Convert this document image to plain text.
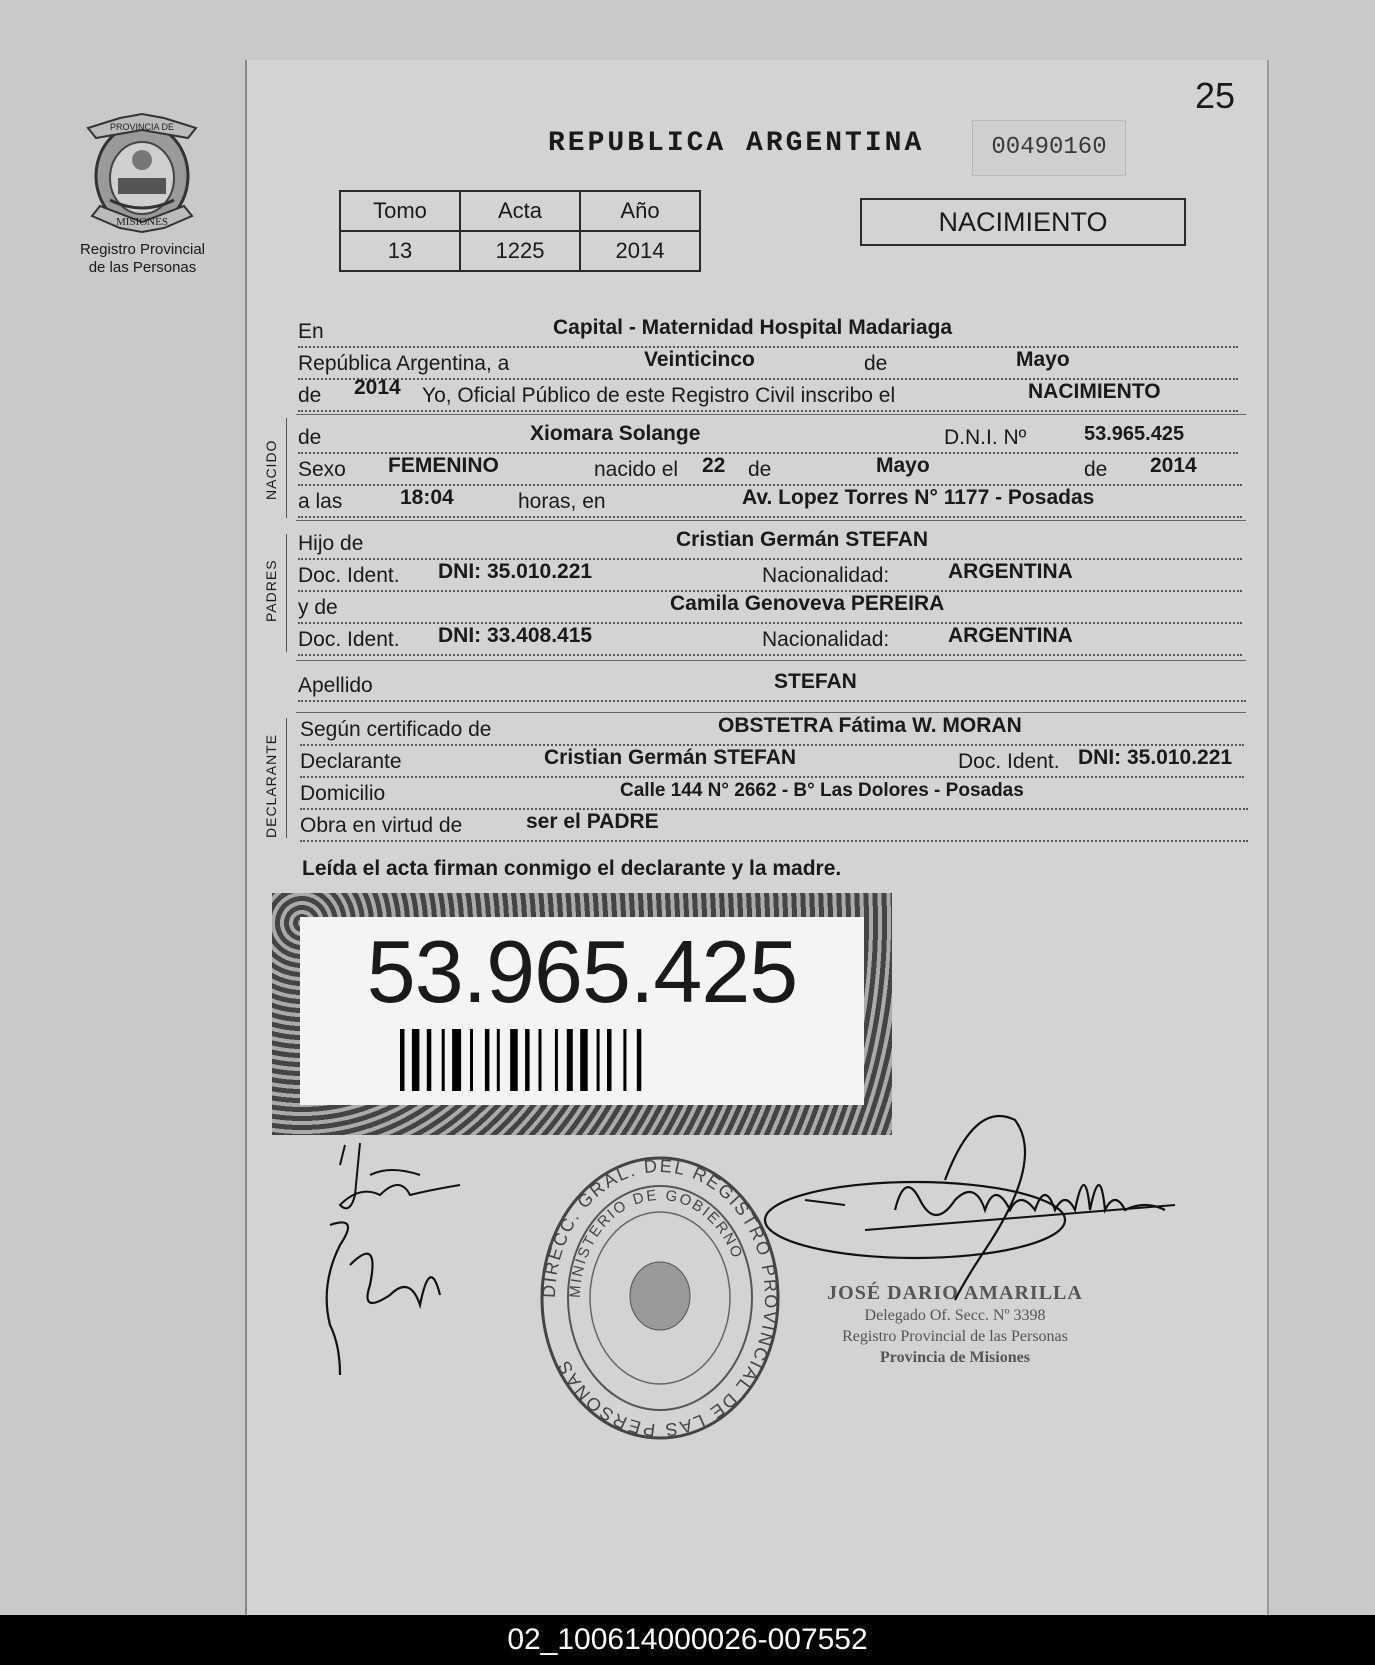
PROVINCIA DE
MISIONES
Registro Provincial
de las Personas
25
REPUBLICA ARGENTINA	00490160
Tomo	Acta	Año
13	1225	2014
NACIMIENTO
En	Capital - Maternidad Hospital Madariaga
República Argentina, a	Veinticinco	de	Mayo
de 2014 Yo, Oficial Público de este Registro Civil inscribo el	NACIMIENTO
NACIDO
de	Xiomara Solange	D.N.I. Nº	53.965.425
Sexo FEMENINO	nacido el 22 de	Mayo	de 2014
a las	18:04	horas, en	Av. Lopez Torres N° 1177 - Posadas
PADRES
Hijo de	Cristian Germán STEFAN
Doc. Ident. DNI: 35.010.221	Nacionalidad:	ARGENTINA
y de	Camila Genoveva PEREIRA
Doc. Ident. DNI: 33.408.415	Nacionalidad:	ARGENTINA
Apellido	STEFAN
DECLARANTE
Según certificado de	OBSTETRA Fátima W. MORAN
Declarante	Cristian Germán STEFAN	Doc. Ident. DNI: 35.010.221
Domicilio	Calle 144 N° 2662 - B° Las Dolores - Posadas
Obra en virtud de	ser el PADRE
Leída el acta firman conmigo el declarante y la madre.
53.965.425
DIRECC. GRAL. DEL REGISTRO PROVINCIAL DE LAS PERSONAS
MINISTERIO DE GOBIERNO
JOSÉ DARIO AMARILLA
Delegado Of. Secc. Nº 3398
Registro Provincial de las Personas
Provincia de Misiones
02_100614000026-007552
